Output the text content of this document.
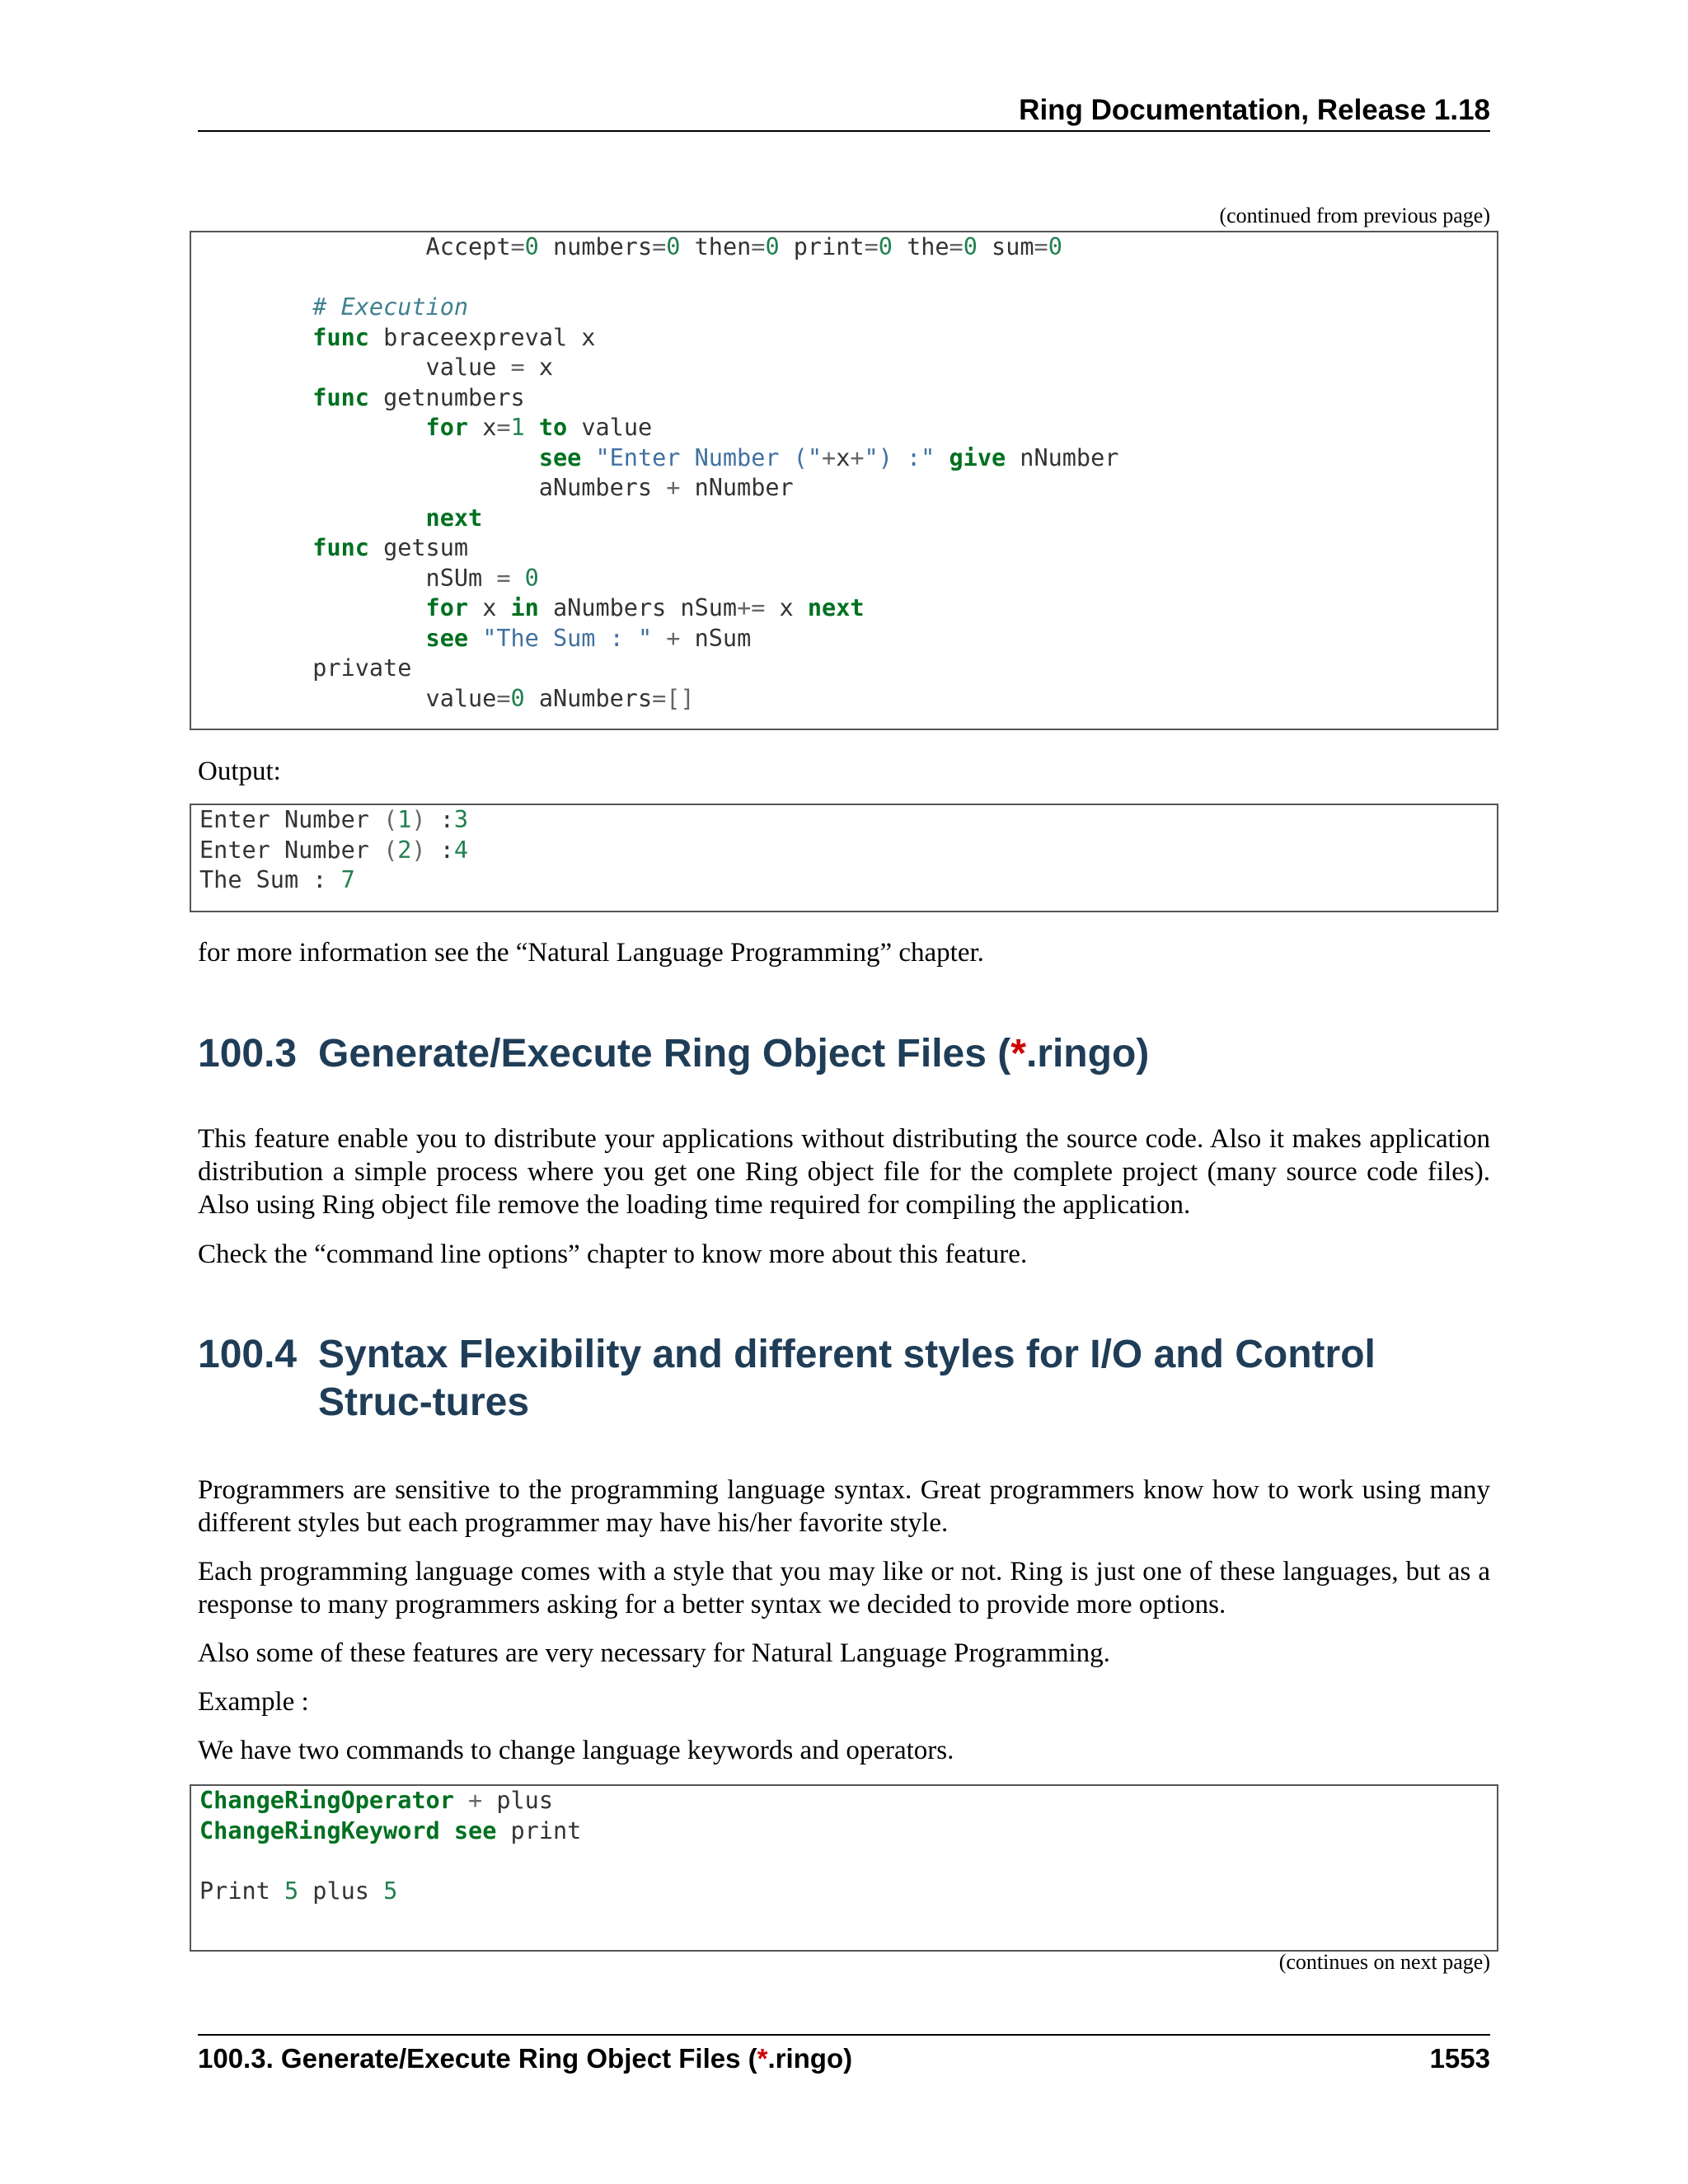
Ring Documentation, Release 1.18
(continued from previous page)
Accept=0 numbers=0 then=0 print=0 the=0 sum=0
# Execution
func braceexpreval x
value = x
func getnumbers
for x=1 to value
see "Enter Number ("+x+") :" give nNumber
aNumbers + nNumber
next
func getsum
nSUm = 0
for x in aNumbers nSum+= x next
see "The Sum : " + nSum
private
value=0 aNumbers=[]

Output:

Enter Number (1) :3
Enter Number (2) :4
The Sum : 7

for more information see the “Natural Language Programming” chapter.

100.3 Generate/Execute Ring Object Files (*.ringo)

This feature enable you to distribute your applications without distributing the source code. Also it makes application distribution a simple process where you get one Ring object file for the complete project (many source code files). Also using Ring object file remove the loading time required for compiling the application.

Check the “command line options” chapter to know more about this feature.

100.4 Syntax Flexibility and different styles for I/O and Control Struc-tures

Programmers are sensitive to the programming language syntax. Great programmers know how to work using many different styles but each programmer may have his/her favorite style.

Each programming language comes with a style that you may like or not. Ring is just one of these languages, but as a response to many programmers asking for a better syntax we decided to provide more options.

Also some of these features are very necessary for Natural Language Programming.

Example :

We have two commands to change language keywords and operators.

ChangeRingOperator + plus
ChangeRingKeyword see print
Print 5 plus 5
(continues on next page)
100.3. Generate/Execute Ring Object Files (*.ringo)	1553
